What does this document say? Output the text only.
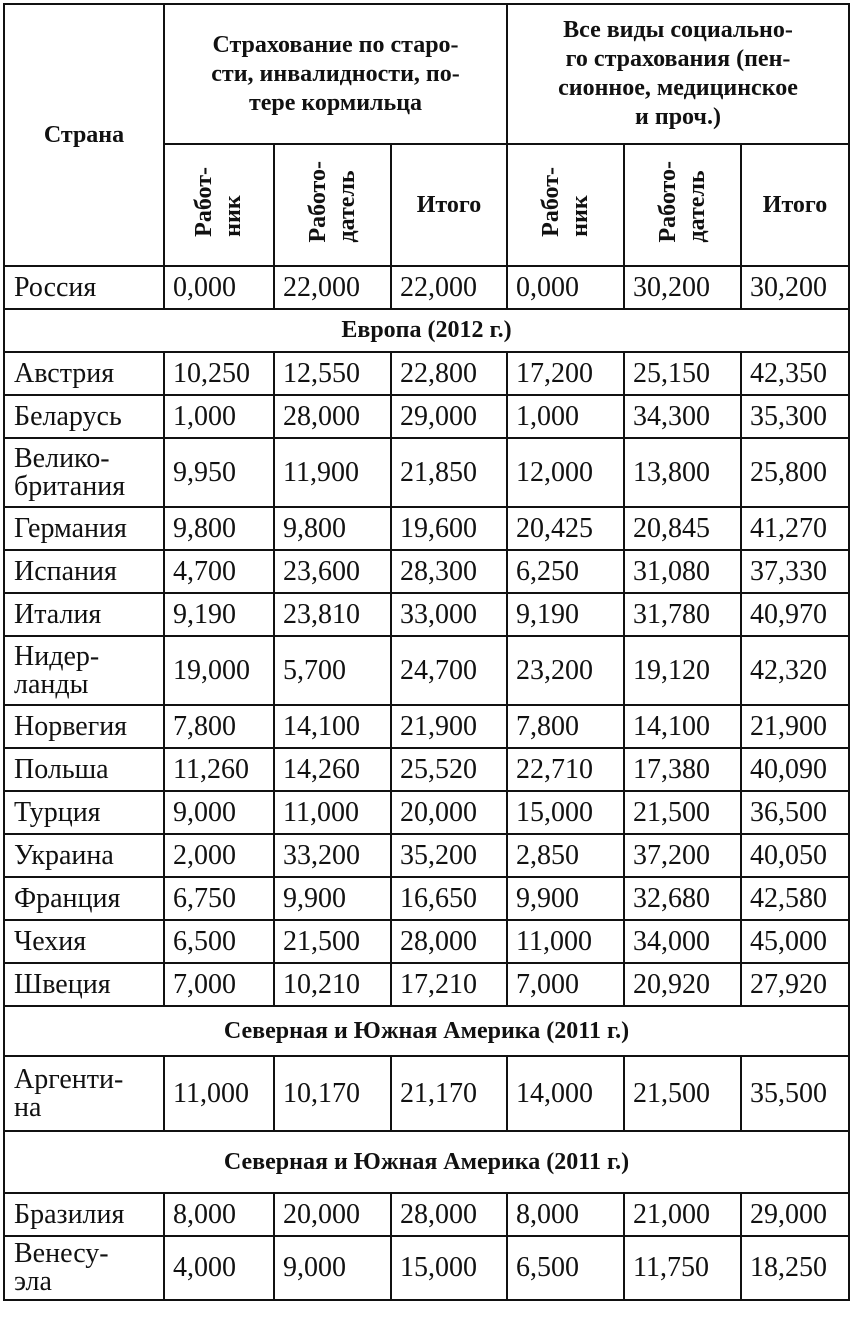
Страна	Страхование по старо-
сти, инвалидности, по-
тере кормильца			Все виды социально-
го страхования (пен-
сионное, медицинское
и проч.)		
	Работ- ник	Работо- датель	Итого	Работ- ник	Работо- датель	Итого
Россия	0,000	22,000	22,000	0,000	30,200	30,200
Европа (2012 г.)						
Австрия	10,250	12,550	22,800	17,200	25,150	42,350
Беларусь	1,000	28,000	29,000	1,000	34,300	35,300
Велико-
британия	9,950	11,900	21,850	12,000	13,800	25,800
Германия	9,800	9,800	19,600	20,425	20,845	41,270
Испания	4,700	23,600	28,300	6,250	31,080	37,330
Италия	9,190	23,810	33,000	9,190	31,780	40,970
Нидер-
ланды	19,000	5,700	24,700	23,200	19,120	42,320
Норвегия	7,800	14,100	21,900	7,800	14,100	21,900
Польша	11,260	14,260	25,520	22,710	17,380	40,090
Турция	9,000	11,000	20,000	15,000	21,500	36,500
Украина	2,000	33,200	35,200	2,850	37,200	40,050
Франция	6,750	9,900	16,650	9,900	32,680	42,580
Чехия	6,500	21,500	28,000	11,000	34,000	45,000
Швеция	7,000	10,210	17,210	7,000	20,920	27,920
Северная и Южная Америка (2011 г.)						
Аргенти-
на	11,000	10,170	21,170	14,000	21,500	35,500
Северная и Южная Америка (2011 г.)						
Бразилия	8,000	20,000	28,000	8,000	21,000	29,000
Венесу-
эла	4,000	9,000	15,000	6,500	11,750	18,250
